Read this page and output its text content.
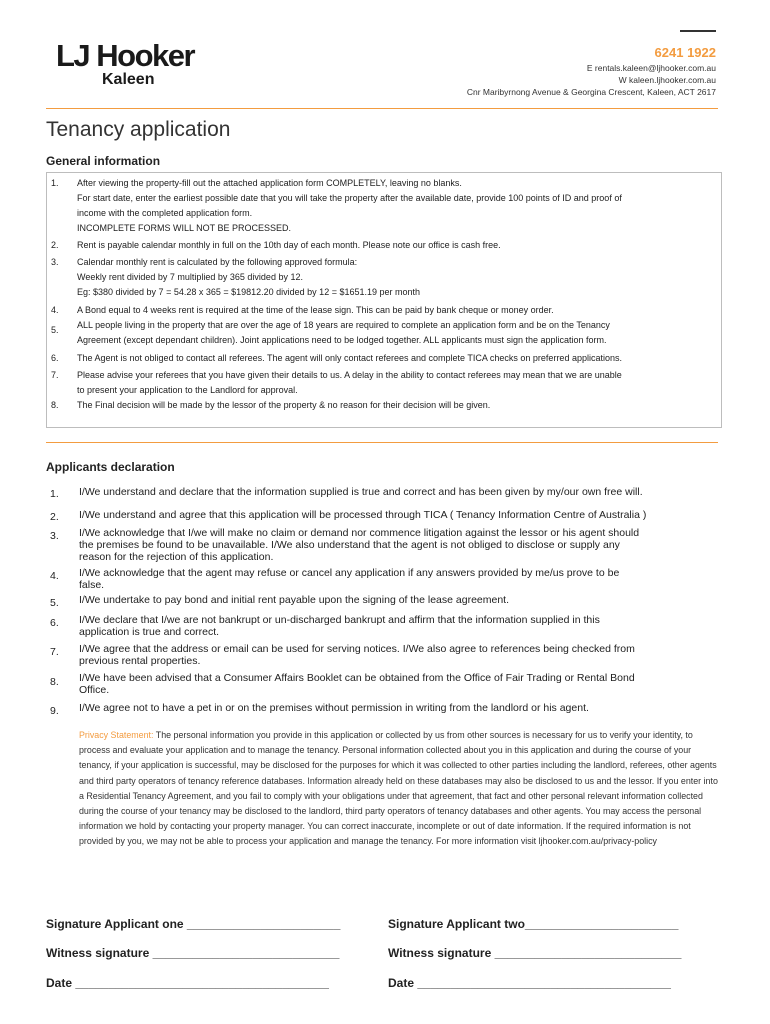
LJ Hooker
Kaleen
6241 1922
E rentals.kaleen@ljhooker.com.au
W kaleen.ljhooker.com.au
Cnr Maribyrnong Avenue & Georgina Crescent, Kaleen, ACT 2617
Tenancy application
General information
1. After viewing the property-fill out the attached application form COMPLETELY, leaving no blanks.
For start date, enter the earliest possible date that you will take the property after the available date, provide 100 points of ID and proof of
income with the completed application form.
INCOMPLETE FORMS WILL NOT BE PROCESSED.
2. Rent is payable calendar monthly in full on the 10th day of each month. Please note our office is cash free.
3. Calendar monthly rent is calculated by the following approved formula:
Weekly rent divided by 7 multiplied by 365 divided by 12.
Eg: $380 divided by 7 = 54.28 x 365 = $19812.20 divided by 12 = $1651.19 per month
4. A Bond equal to 4 weeks rent is required at the time of the lease sign. This can be paid by bank cheque or money order.
5. ALL people living in the property that are over the age of 18 years are required to complete an application form and be on the Tenancy
Agreement (except dependant children). Joint applications need to be lodged together. ALL applicants must sign the application form.
6. The Agent is not obliged to contact all referees. The agent will only contact referees and complete TICA checks on preferred applications.
7. Please advise your referees that you have given their details to us. A delay in the ability to contact referees may mean that we are unable
to present your application to the Landlord for approval.
8. The Final decision will be made by the lessor of the property & no reason for their decision will be given.
Applicants declaration
1. I/We understand and declare that the information supplied is true and correct and has been given by my/our own free will.
2. I/We understand and agree that this application will be processed through TICA ( Tenancy Information Centre of Australia )
3. I/We acknowledge that I/we will make no claim or demand nor commence litigation against the lessor or his agent should
the premises be found to be unavailable. I/We also understand that the agent is not obliged to disclose or supply any
reason for the rejection of this application.
4. I/We acknowledge that the agent may refuse or cancel any application if any answers provided by me/us prove to be
false.
5. I/We undertake to pay bond and initial rent payable upon the signing of the lease agreement.
6. I/We declare that I/we are not bankrupt or un-discharged bankrupt and affirm that the information supplied in this
application is true and correct.
7. I/We agree that the address or email can be used for serving notices. I/We also agree to references being checked from
previous rental properties.
8. I/We have been advised that a Consumer Affairs Booklet can be obtained from the Office of Fair Trading or Rental Bond
Office.
9. I/We agree not to have a pet in or on the premises without permission in writing from the landlord or his agent.
Privacy Statement: The personal information you provide in this application or collected by us from other sources is necessary for us to verify your identity, to process and evaluate your application and to manage the tenancy. Personal information collected about you in this application and during the course of your tenancy, if your application is successful, may be disclosed for the purposes for which it was collected to other parties including the landlord, referees, other agents and third party operators of tenancy reference databases. Information already held on these databases may also be disclosed to us and the lessor. If you enter into a Residential Tenancy Agreement, and you fail to comply with your obligations under that agreement, that fact and other personal relevant information collected during the course of your tenancy may be disclosed to the landlord, third party operators of tenancy databases and other agents. You may access the personal information we hold by contacting your property manager. You can correct inaccurate, incomplete or out of date information. If the required information is not provided by you, we may not be able to process your application and manage the tenancy. For more information visit ljhooker.com.au/privacy-policy
Signature Applicant one _______________________	Signature Applicant two_______________________
Witness signature ____________________________	Witness signature ____________________________
Date ______________________________________	Date ______________________________________
